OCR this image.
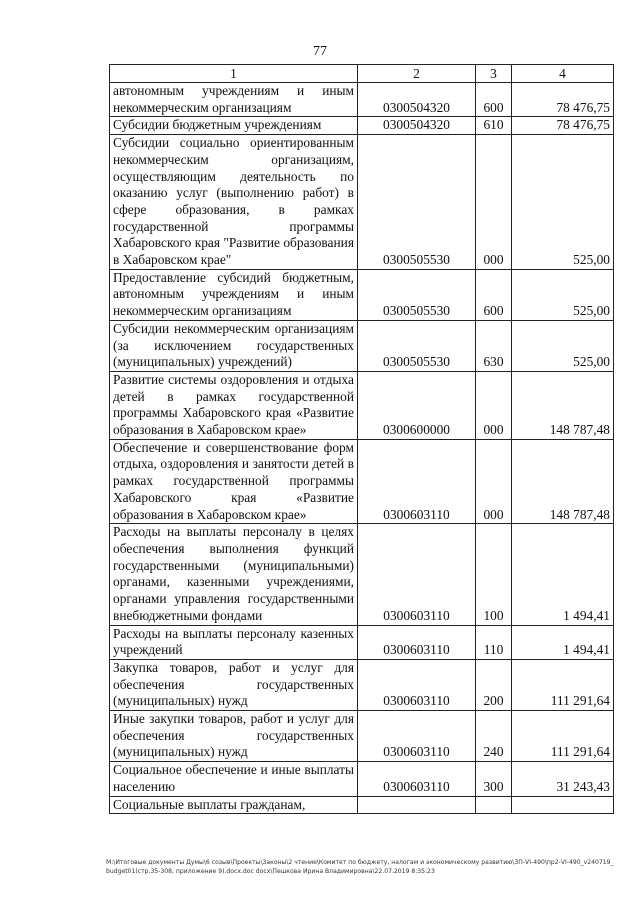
77
1	2	3	4
автономным учреждениям и иным некоммерческим организациям	0300504320	600	78 476,75
Субсидии бюджетным учреждениям	0300504320	610	78 476,75
Субсидии социально ориентированным некоммерческим организациям, осуществляющим деятельность по оказанию услуг (выполнению работ) в сфере образования, в рамках государственной программы Хабаровского края "Развитие образования в Хабаровском крае"	0300505530	000	525,00
Предоставление субсидий бюджетным, автономным учреждениям и иным некоммерческим организациям	0300505530	600	525,00
Субсидии некоммерческим организациям (за исключением государственных (муниципальных) учреждений)	0300505530	630	525,00
Развитие системы оздоровления и отдыха детей в рамках государственной программы Хабаровского края «Развитие образования в Хабаровском крае»	0300600000	000	148 787,48
Обеспечение и совершенствование форм отдыха, оздоровления и занятости детей в рамках государственной программы Хабаровского края «Развитие образования в Хабаровском крае»	0300603110	000	148 787,48
Расходы на выплаты персоналу в целях обеспечения выполнения функций государственными (муниципальными) органами, казенными учреждениями, органами управления государственными внебюджетными фондами	0300603110	100	1 494,41
Расходы на выплаты персоналу казенных учреждений	0300603110	110	1 494,41
Закупка товаров, работ и услуг для обеспечения государственных (муниципальных) нужд	0300603110	200	111 291,64
Иные закупки товаров, работ и услуг для обеспечения государственных (муниципальных) нужд	0300603110	240	111 291,64
Социальное обеспечение и иные выплаты населению	0300603110	300	31 243,43
Социальные выплаты гражданам,			
M:\Итоговые документы Думы\6 созыв\Проекты\Законы\2 чтение\Комитет по бюджету, налогам и экономическому развитию\ЗП-VI-490\пр2-VI-490_v240719_budget01(стр.35-308, приложение 9).docx.doc docx\Пешкова Ирина Владимировна\22.07.2019 8:35:23
